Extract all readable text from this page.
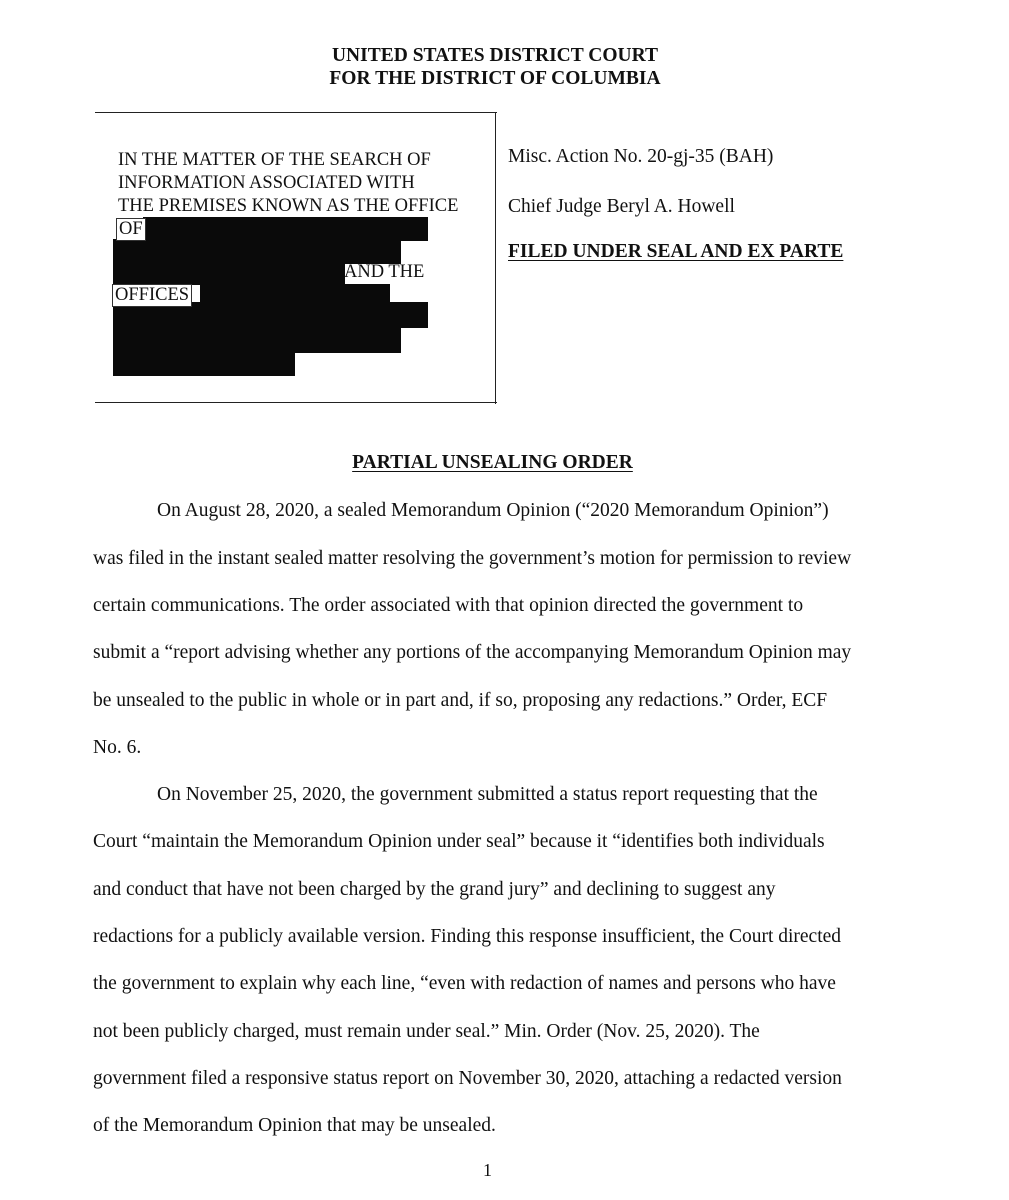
UNITED STATES DISTRICT COURT
FOR THE DISTRICT OF COLUMBIA
IN THE MATTER OF THE SEARCH OF
INFORMATION ASSOCIATED WITH
THE PREMISES KNOWN AS THE OFFICE
OF
AND THE
OFFICES
Misc. Action No. 20-gj-35 (BAH)
Chief Judge Beryl A. Howell
FILED UNDER SEAL AND EX PARTE
PARTIAL UNSEALING ORDER
On August 28, 2020, a sealed Memorandum Opinion (“2020 Memorandum Opinion”)
was filed in the instant sealed matter resolving the government’s motion for permission to review
certain communications. The order associated with that opinion directed the government to
submit a “report advising whether any portions of the accompanying Memorandum Opinion may
be unsealed to the public in whole or in part and, if so, proposing any redactions.” Order, ECF
No. 6.
On November 25, 2020, the government submitted a status report requesting that the
Court “maintain the Memorandum Opinion under seal” because it “identifies both individuals
and conduct that have not been charged by the grand jury” and declining to suggest any
redactions for a publicly available version. Finding this response insufficient, the Court directed
the government to explain why each line, “even with redaction of names and persons who have
not been publicly charged, must remain under seal.” Min. Order (Nov. 25, 2020). The
government filed a responsive status report on November 30, 2020, attaching a redacted version
of the Memorandum Opinion that may be unsealed.
1
